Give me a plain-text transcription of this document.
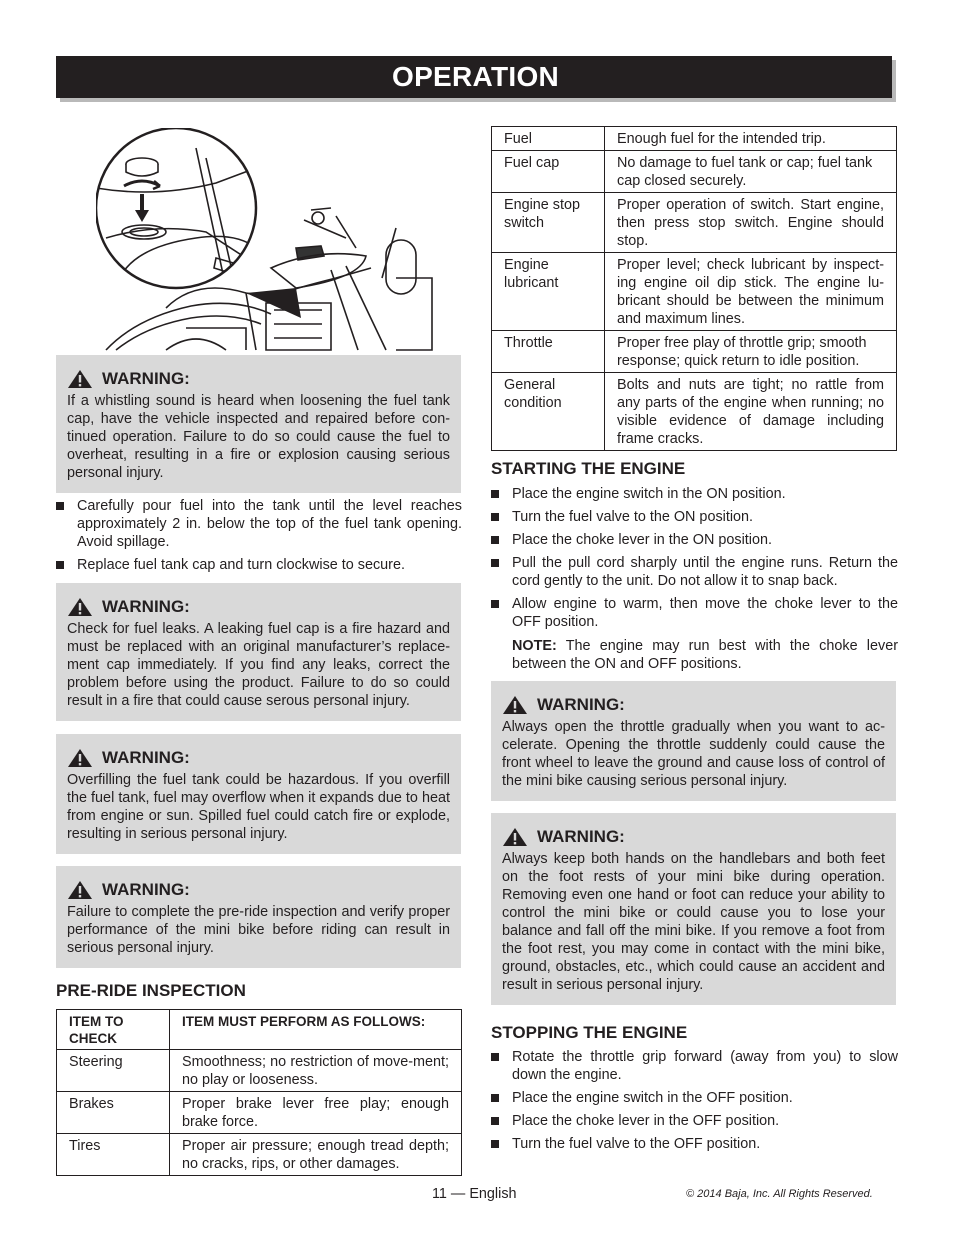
OPERATION
WARNING:
If a whistling sound is heard when loosening the fuel tank cap, have the vehicle inspected and repaired before con-tinued operation. Failure to do so could cause the fuel to overheat, resulting in a fire or explosion causing serious personal injury.
Carefully pour fuel into the tank until the level reaches approximately 2 in. below the top of the fuel tank opening. Avoid spillage.
Replace fuel tank cap and turn clockwise to secure.
WARNING:
Check for fuel leaks. A leaking fuel cap is a fire hazard and must be replaced with an original manufacturer’s replace-ment cap immediately. If you find any leaks, correct the problem before using the product. Failure to do so could result in a fire that could cause serous personal injury.
WARNING:
Overfilling the fuel tank could be hazardous. If you overfill the fuel tank, fuel may overflow when it expands due to heat from engine or sun. Spilled fuel could catch fire or explode, resulting in serious personal injury.
WARNING:
Failure to complete the pre-ride inspection and verify proper performance of the mini bike before riding can result in serious personal injury.
PRE-RIDE INSPECTION
ITEM TO CHECK	ITEM MUST PERFORM AS FOLLOWS:
Steering	Smoothness; no restriction of move-ment; no play or looseness.
Brakes	Proper brake lever free play; enough brake force.
Tires	Proper air pressure; enough tread depth; no cracks, rips, or other damages.
Fuel	Enough fuel for the intended trip.
Fuel cap	No damage to fuel tank or cap; fuel tank cap closed securely.
Engine stop switch	Proper operation of switch. Start engine, then press stop switch. Engine should stop.
Engine lubricant	Proper level; check lubricant by inspect-ing engine oil dip stick. The engine lu-bricant should be between the minimum and maximum lines.
Throttle	Proper free play of throttle grip; smooth response; quick return to idle position.
General condition	Bolts and nuts are tight; no rattle from any parts of the engine when running; no visible evidence of damage including frame cracks.
STARTING THE ENGINE
Place the engine switch in the ON position.
Turn the fuel valve to the ON position.
Place the choke lever in the ON position.
Pull the pull cord sharply until the engine runs. Return the cord gently to the unit. Do not allow it to snap back.
Allow engine to warm, then move the choke lever to the OFF position.
NOTE: The engine may run best with the choke lever between the ON and OFF positions.
WARNING:
Always open the throttle gradually when you want to ac-celerate. Opening the throttle suddenly could cause the front wheel to leave the ground and cause loss of control of the mini bike causing serious personal injury.
WARNING:
Always keep both hands on the handlebars and both feet on the foot rests of your mini bike during operation. Removing even one hand or foot can reduce your ability to control the mini bike or could cause you to lose your balance and fall off the mini bike. If you remove a foot from the foot rest, you may come in contact with the mini bike, ground, obstacles, etc., which could cause an accident and result in serious personal injury.
STOPPING THE ENGINE
Rotate the throttle grip forward (away from you) to slow down the engine.
Place the engine switch in the OFF position.
Place the choke lever in the OFF position.
Turn the fuel valve to the OFF position.
11 — English	© 2014 Baja, Inc. All Rights Reserved.
